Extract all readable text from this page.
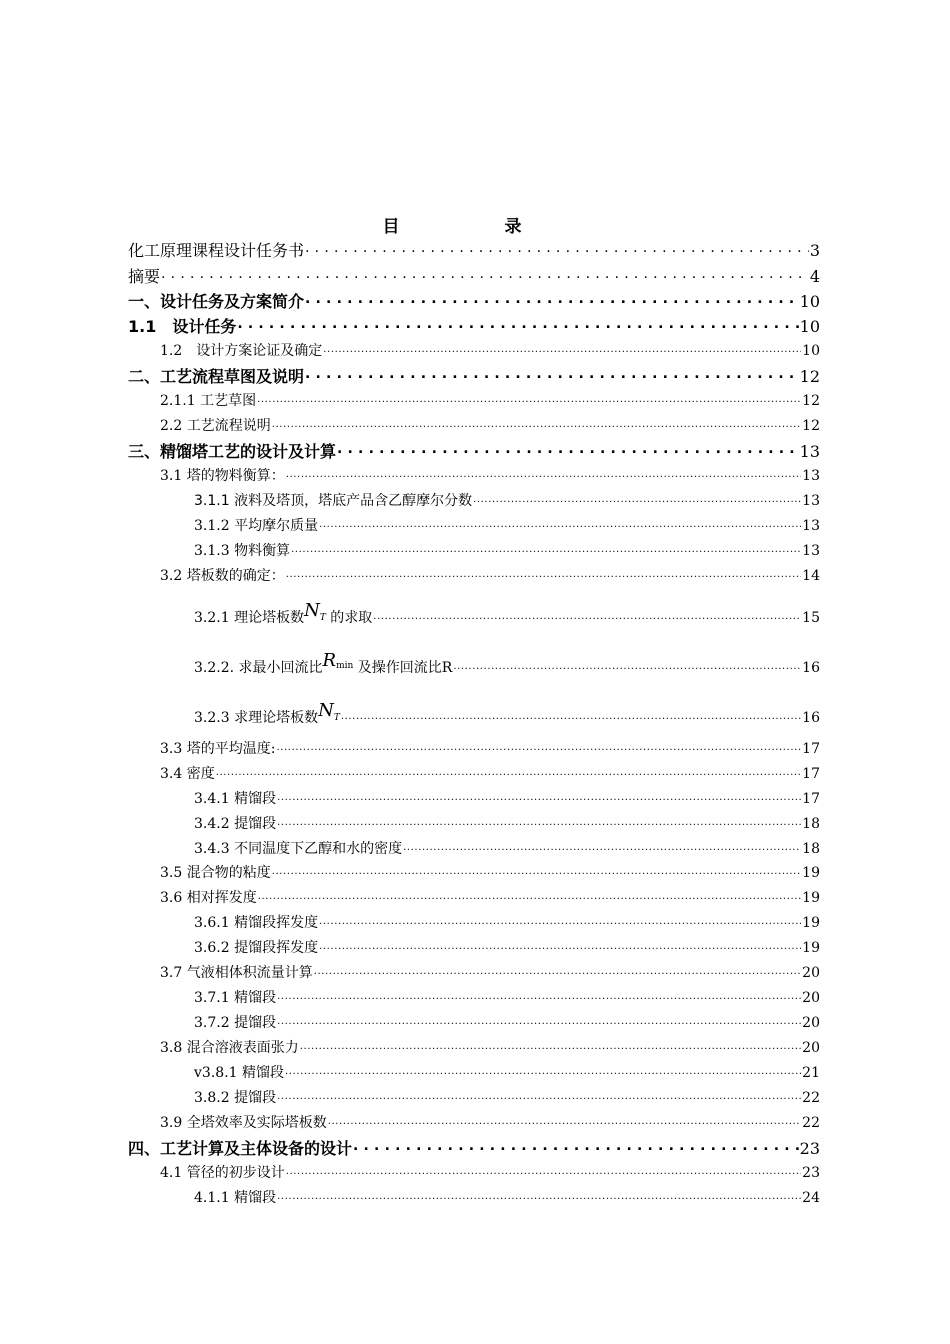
目　录
化工原理课程设计任务书 .....	3
摘要 .....	4
一、设计任务及方案简介 .....	10
1.1　设计任务 .....	10
1.2　设计方案论证及确定 .....	10
二、工艺流程草图及说明 .....	12
2.1.1 工艺草图 .....	12
2.2 工艺流程说明 .....	12
三、精馏塔工艺的设计及计算 .....	13
3.1 塔的物料衡算： .....	13
3.1.1 液料及塔顶，塔底产品含乙醇摩尔分数 .....	13
3.1.2 平均摩尔质量 .....	13
3.1.3 物料衡算 .....	13
3.2 塔板数的确定： .....	14
3.2.1 理论塔板数NT 的求取 .....	15
3.2.2. 求最小回流比$R^{min}$ 及操作回流比R .....	16
3.2.3 求理论塔板数NT .....	16
3.3 塔的平均温度: .....	17
3.4 密度 .....	17
3.4.1 精馏段 .....	17
3.4.2 提馏段 .....	18
3.4.3 不同温度下乙醇和水的密度 .....	18
3.5 混合物的粘度 .....	19
3.6 相对挥发度 .....	19
3.6.1 精馏段挥发度 .....	19
3.6.2 提馏段挥发度 .....	19
3.7 气液相体积流量计算 .....	20
3.7.1 精馏段 .....	20
3.7.2 提馏段 .....	20
3.8 混合溶液表面张力 .....	20
v3.8.1 精馏段 .....	21
3.8.2 提馏段 .....	22
3.9 全塔效率及实际塔板数 .....	22
四、工艺计算及主体设备的设计 .....	23
4.1 管径的初步设计 .....	23
4.1.1 精馏段 .....	24
